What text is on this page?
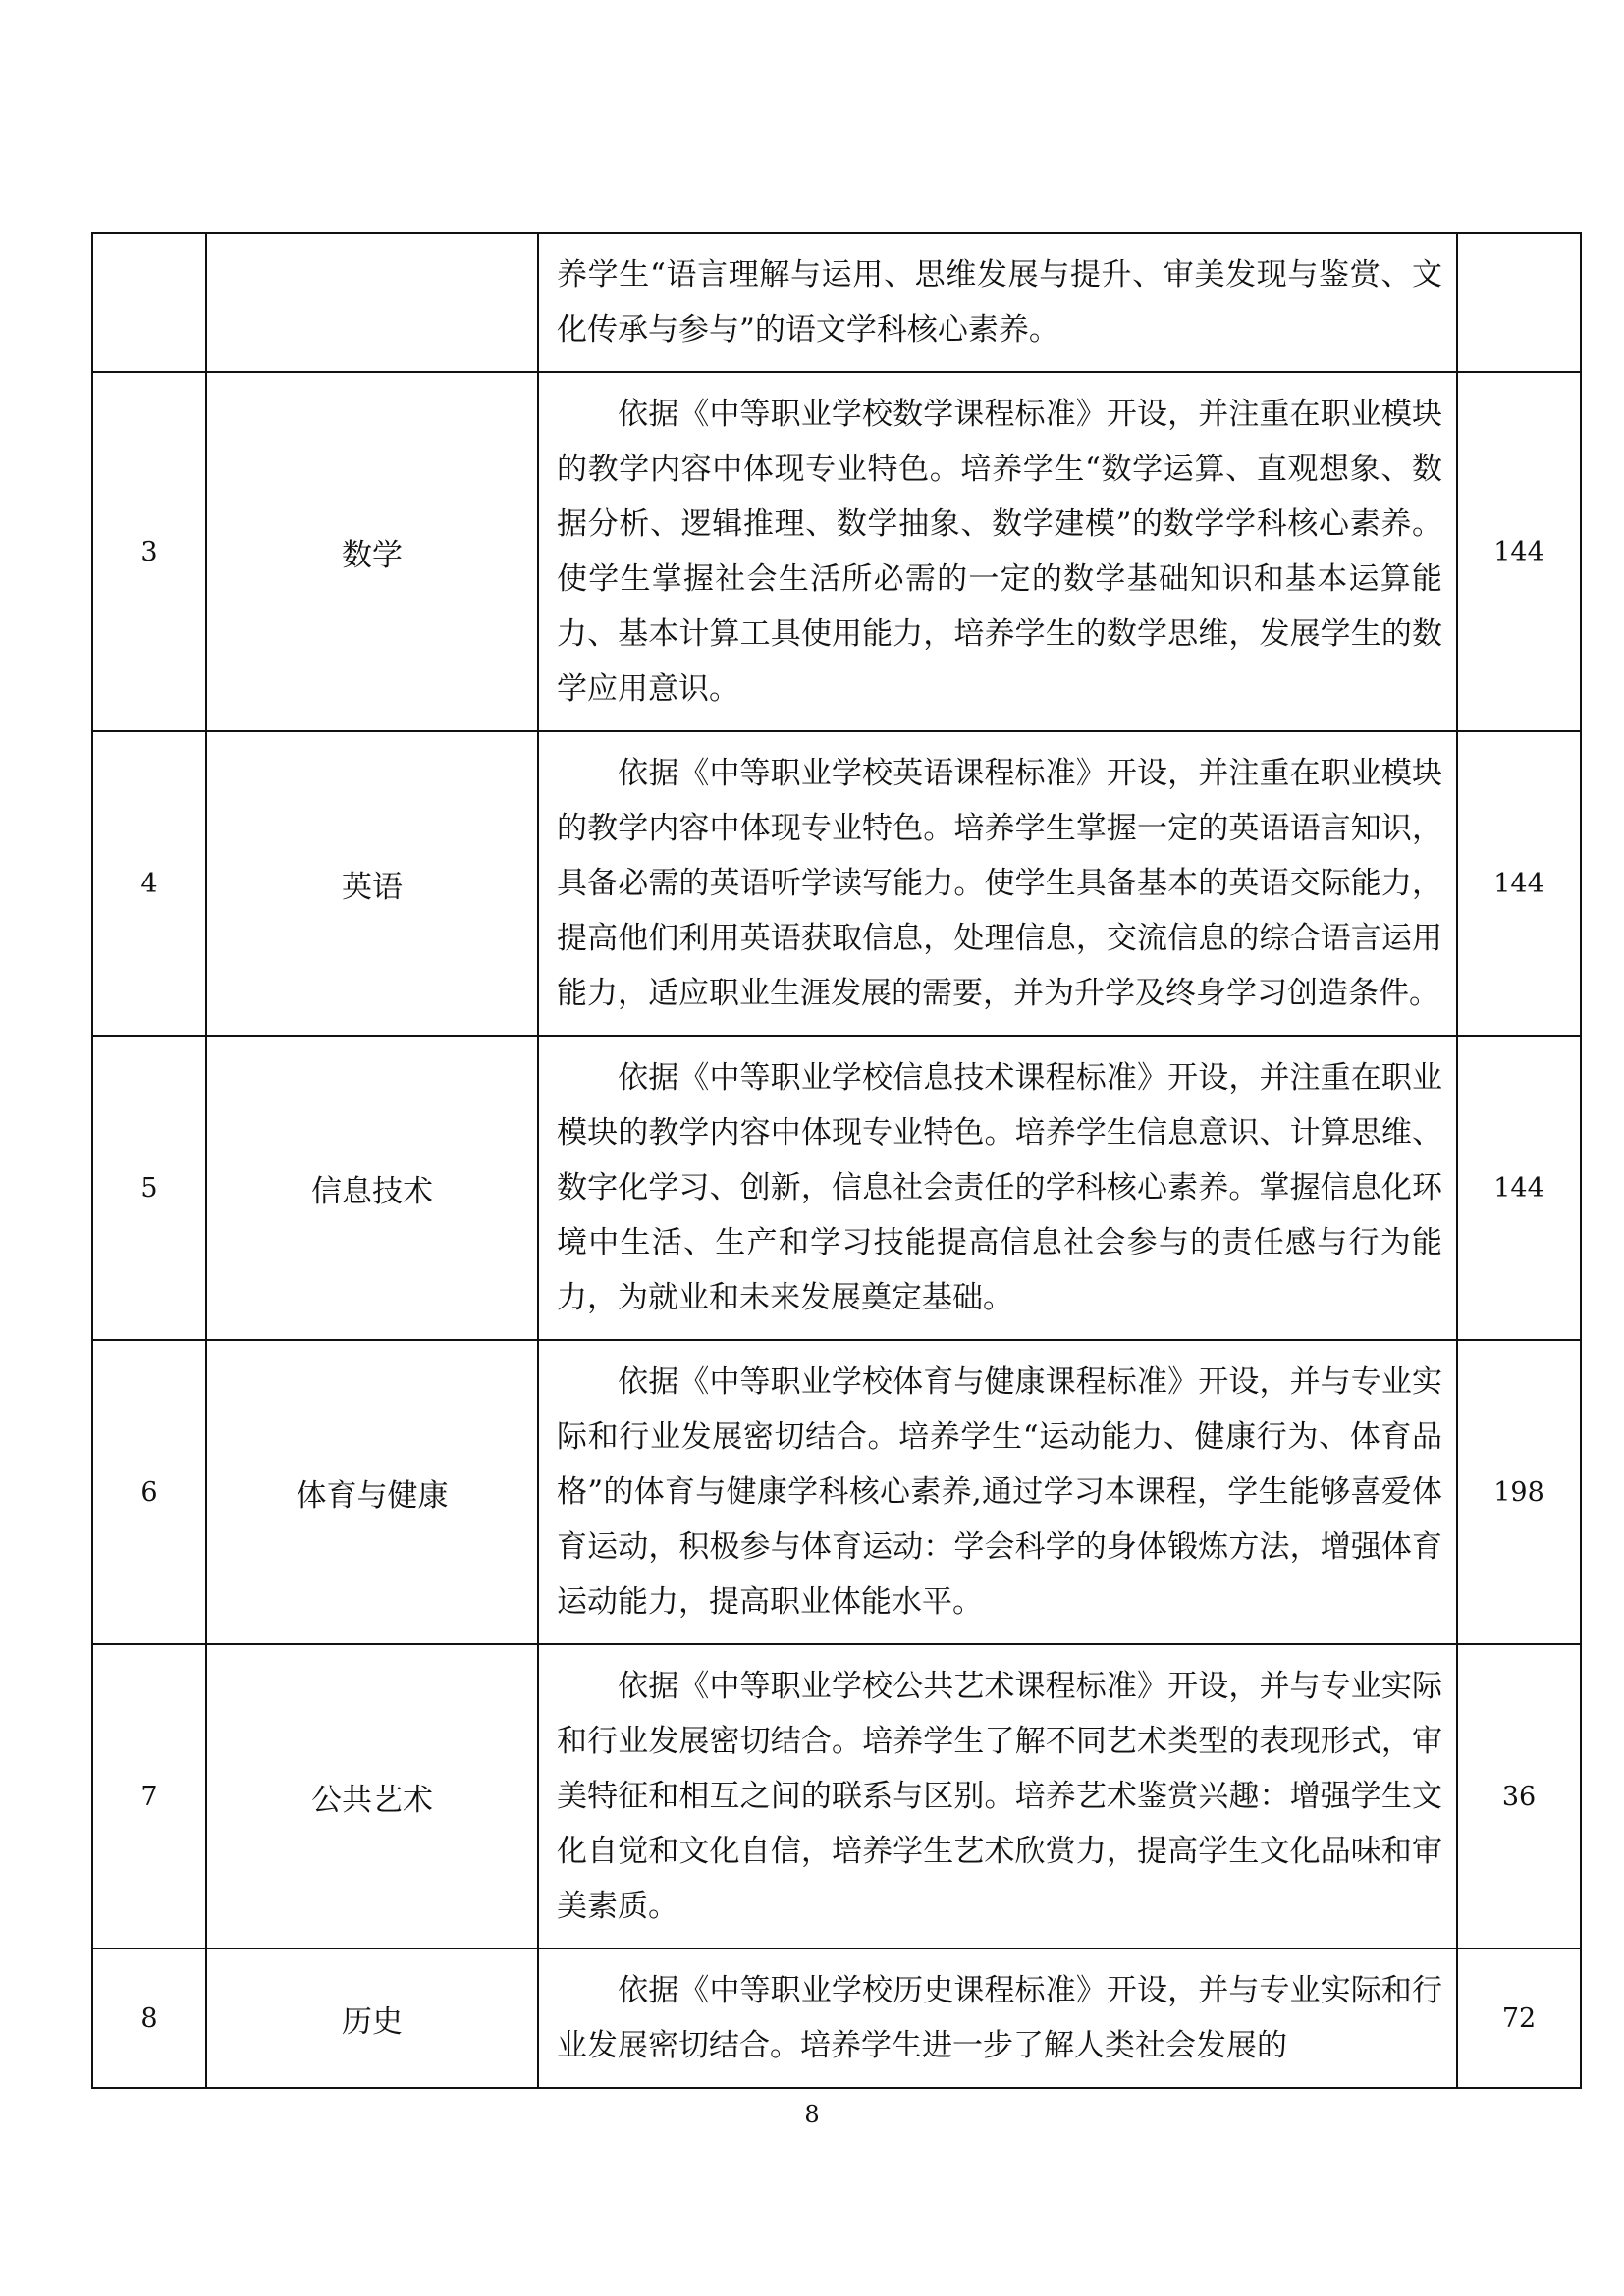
		养学生“语言理解与运用、思维发展与提升、审美发现与鉴赏、文化传承与参与”的语文学科核心素养。	
3	数学	依据《中等职业学校数学课程标准》开设，并注重在职业模块的教学内容中体现专业特色。培养学生“数学运算、直观想象、数据分析、逻辑推理、数学抽象、数学建模”的数学学科核心素养。使学生掌握社会生活所必需的一定的数学基础知识和基本运算能力、基本计算工具使用能力，培养学生的数学思维，发展学生的数学应用意识。	144
4	英语	依据《中等职业学校英语课程标准》开设，并注重在职业模块的教学内容中体现专业特色。培养学生掌握一定的英语语言知识，具备必需的英语听学读写能力。使学生具备基本的英语交际能力，提高他们利用英语获取信息，处理信息，交流信息的综合语言运用能力，适应职业生涯发展的需要，并为升学及终身学习创造条件。	144
5	信息技术	依据《中等职业学校信息技术课程标准》开设，并注重在职业模块的教学内容中体现专业特色。培养学生信息意识、计算思维、数字化学习、创新，信息社会责任的学科核心素养。掌握信息化环境中生活、生产和学习技能提高信息社会参与的责任感与行为能力，为就业和未来发展奠定基础。	144
6	体育与健康	依据《中等职业学校体育与健康课程标准》开设，并与专业实际和行业发展密切结合。培养学生“运动能力、健康行为、体育品格”的体育与健康学科核心素养,通过学习本课程，学生能够喜爱体育运动，积极参与体育运动：学会科学的身体锻炼方法，增强体育运动能力，提高职业体能水平。	198
7	公共艺术	依据《中等职业学校公共艺术课程标准》开设，并与专业实际和行业发展密切结合。培养学生了解不同艺术类型的表现形式，审美特征和相互之间的联系与区别。培养艺术鉴赏兴趣：增强学生文化自觉和文化自信，培养学生艺术欣赏力，提高学生文化品味和审美素质。	36
8	历史	依据《中等职业学校历史课程标准》开设，并与专业实际和行业发展密切结合。培养学生进一步了解人类社会发展的	72
8
